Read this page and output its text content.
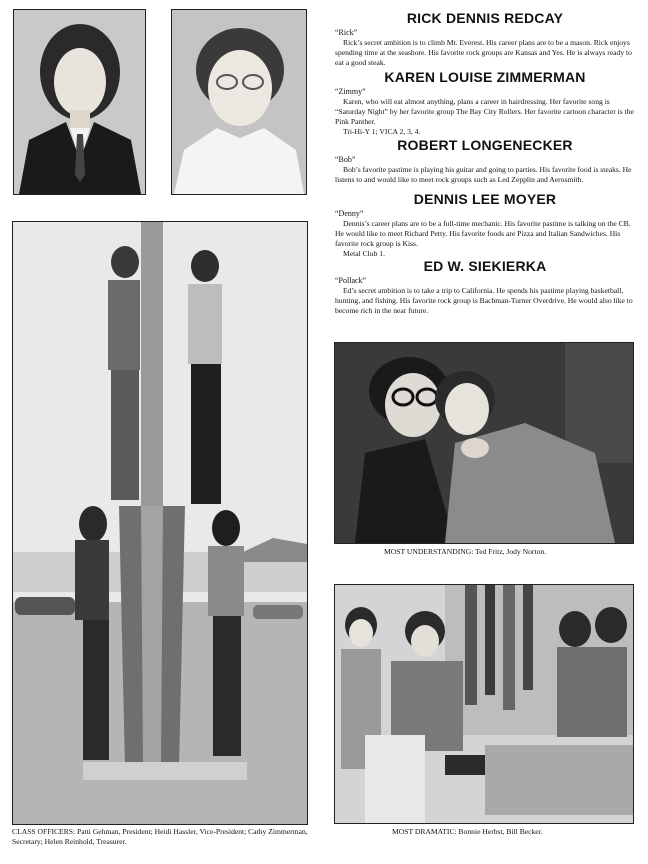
CLASS OFFICERS: Patti Gehman, President; Heidi Hassler, Vice-President; Cathy Zimmerman, Secretary; Helen Reinhold, Treasurer.
RICK DENNIS REDCAY

“Rick”

Rick’s secret ambition is to climb Mt. Everest. His career plans are to be a mason. Rick enjoys spending time at the seashore. His favorite rock groups are Kansas and Yes. He is always ready to eat a good steak.

KAREN LOUISE ZIMMERMAN

“Zimmy”

Karen, who will eat almost anything, plans a career in hairdressing. Her favorite song is “Saturday Night” by her favorite group The Bay City Rollers. Her favorite cartoon character is the Pink Panther.

Tri-Hi-Y 1; VICA 2, 3, 4.

ROBERT LONGENECKER

“Bob”

Bob’s favorite pastime is playing his guitar and going to parties. His favorite food is steaks. He listens to and would like to meet rock groups such as Led Zepplin and Aerosmith.

DENNIS LEE MOYER

“Denny”

Dennis’s career plans are to be a full-time mechanic. His favorite pastime is talking on the CB. He would like to meet Richard Petty. His favorite foods are Pizza and Italian Sandwiches. His favorite rock group is Kiss.

Metal Club 1.

ED W. SIEKIERKA

“Pollack”

Ed’s secret ambition is to take a trip to California. He spends his pastime playing basketball, hunting, and fishing. His favorite rock group is Bachman-Turner Overdrive. He would also like to become rich in the near future.

MOST UNDERSTANDING: Ted Fritz, Jody Norton.
MOST DRAMATIC: Bonnie Herbst, Bill Becker.
